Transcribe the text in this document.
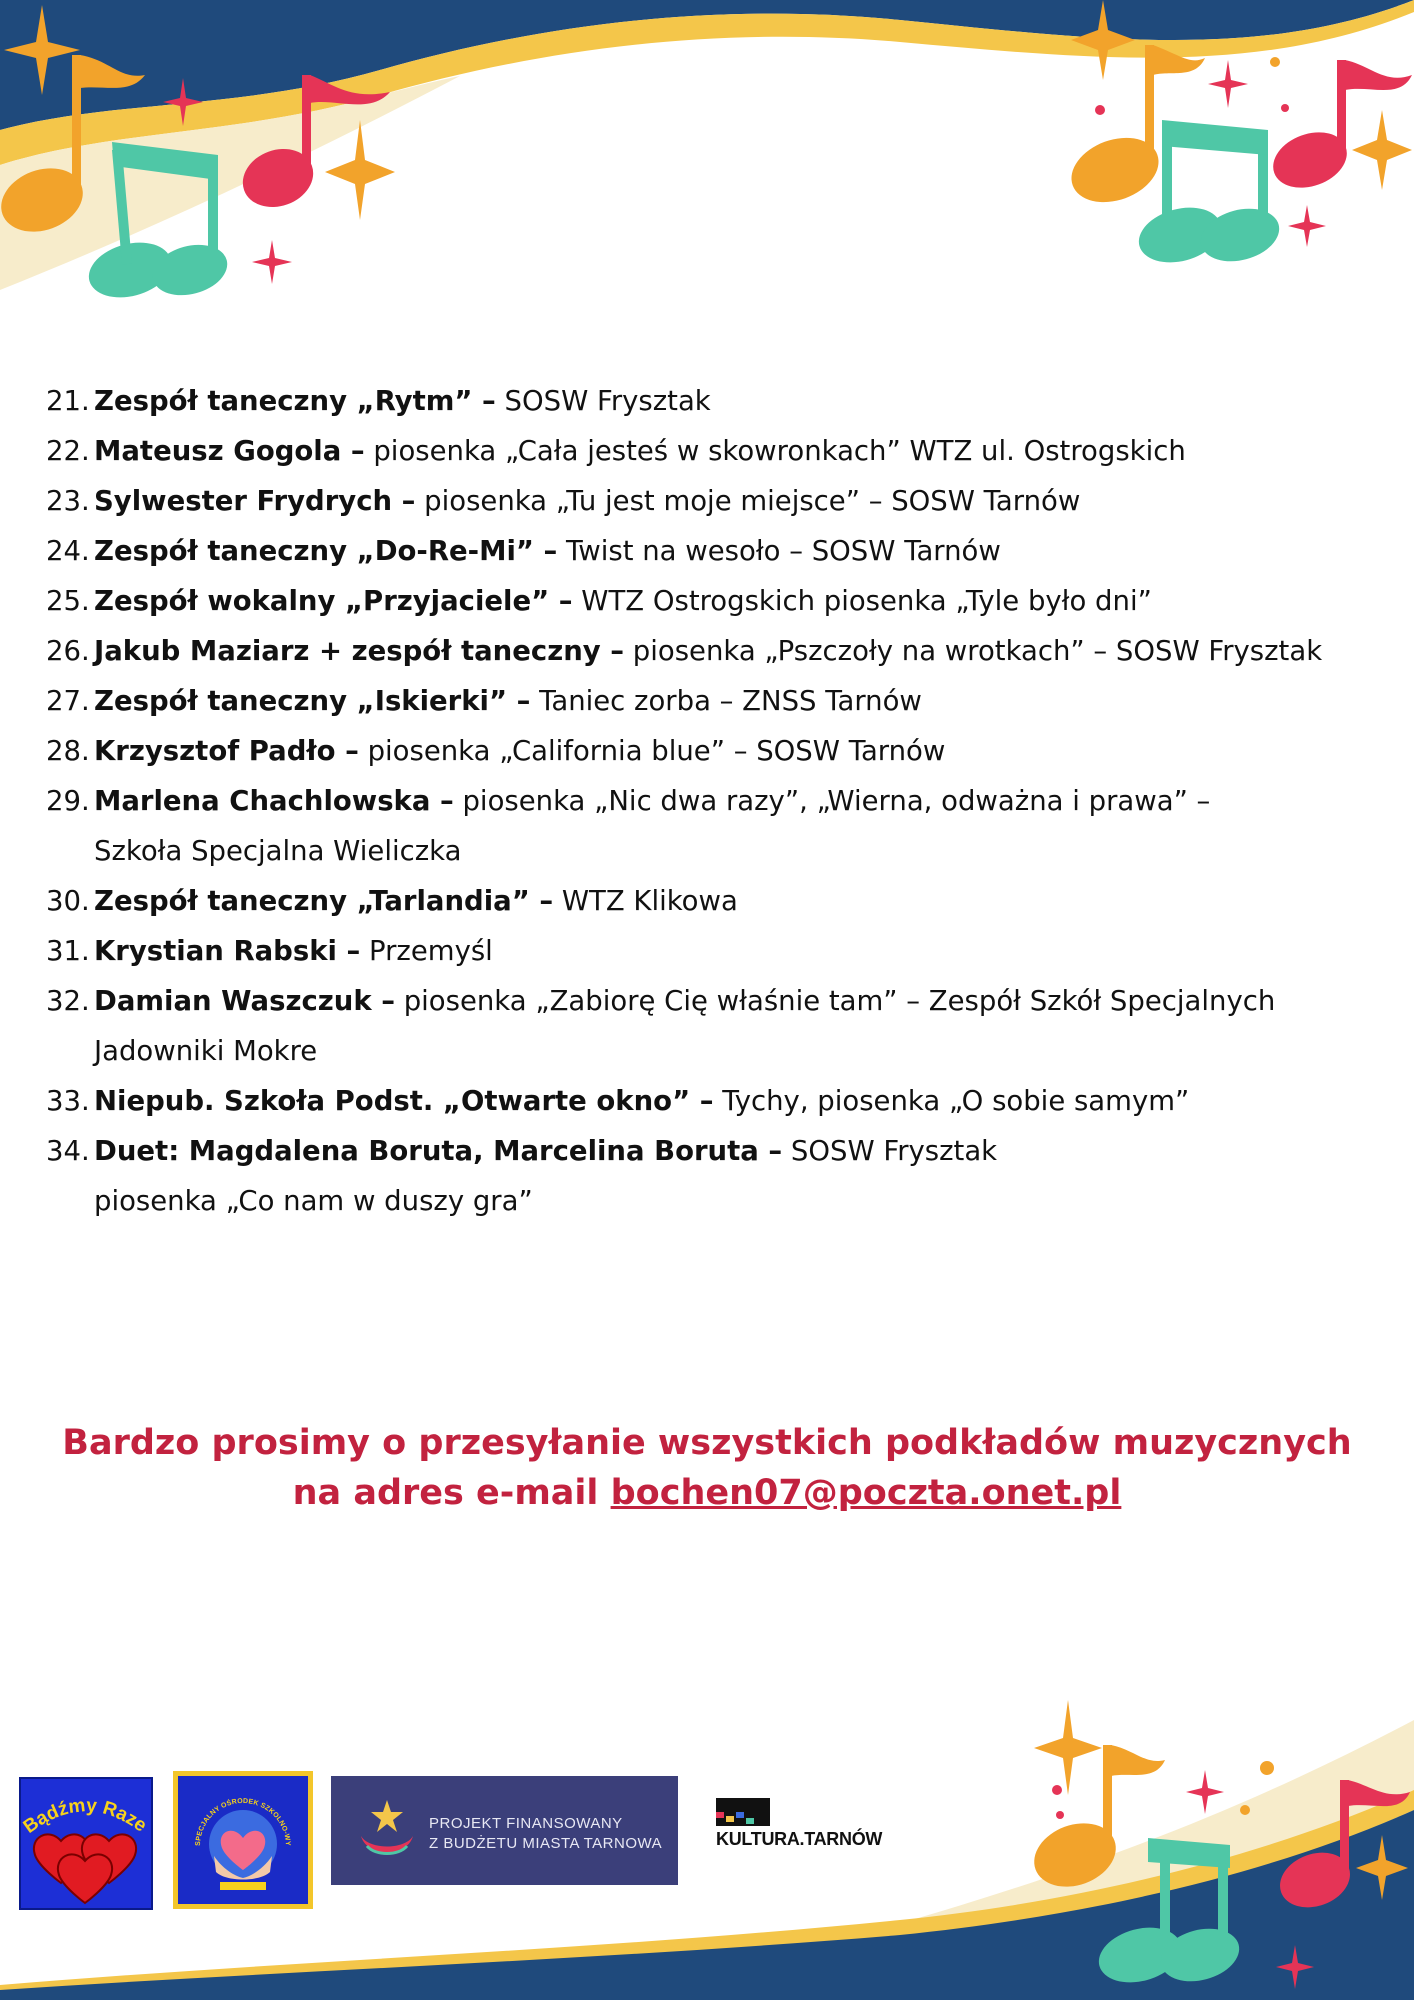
21. Zespół taneczny „Rytm” – SOSW Frysztak
22. Mateusz Gogola – piosenka „Cała jesteś w skowronkach” WTZ ul. Ostrogskich
23. Sylwester Frydrych – piosenka „Tu jest moje miejsce” – SOSW Tarnów
24. Zespół taneczny „Do-Re-Mi” – Twist na wesoło – SOSW Tarnów
25. Zespół wokalny „Przyjaciele” – WTZ Ostrogskich piosenka „Tyle było dni”
26. Jakub Maziarz + zespół taneczny – piosenka „Pszczoły na wrotkach” – SOSW Frysztak
27. Zespół taneczny „Iskierki” – Taniec zorba – ZNSS Tarnów
28. Krzysztof Padło – piosenka „California blue” – SOSW Tarnów
29. Marlena Chachlowska – piosenka „Nic dwa razy”, „Wierna, odważna i prawa” –
Szkoła Specjalna Wieliczka
30. Zespół taneczny „Tarlandia” – WTZ Klikowa
31. Krystian Rabski – Przemyśl
32. Damian Waszczuk – piosenka „Zabiorę Cię właśnie tam” – Zespół Szkół Specjalnych
Jadowniki Mokre
33. Niepub. Szkoła Podst. „Otwarte okno” – Tychy, piosenka „O sobie samym”
34. Duet: Magdalena Boruta, Marcelina Boruta – SOSW Frysztak
piosenka „Co nam w duszy gra”
Bardzo prosimy o przesyłanie wszystkich podkładów muzycznych
na adres e-mail bochen07@poczta.onet.pl
Bądźmy Raze
SPECJALNY OŚRODEK SZKOLNO-WY
PROJEKT FINANSOWANY
Z BUDŻETU MIASTA TARNOWA	KULTURA.TARNÓW
